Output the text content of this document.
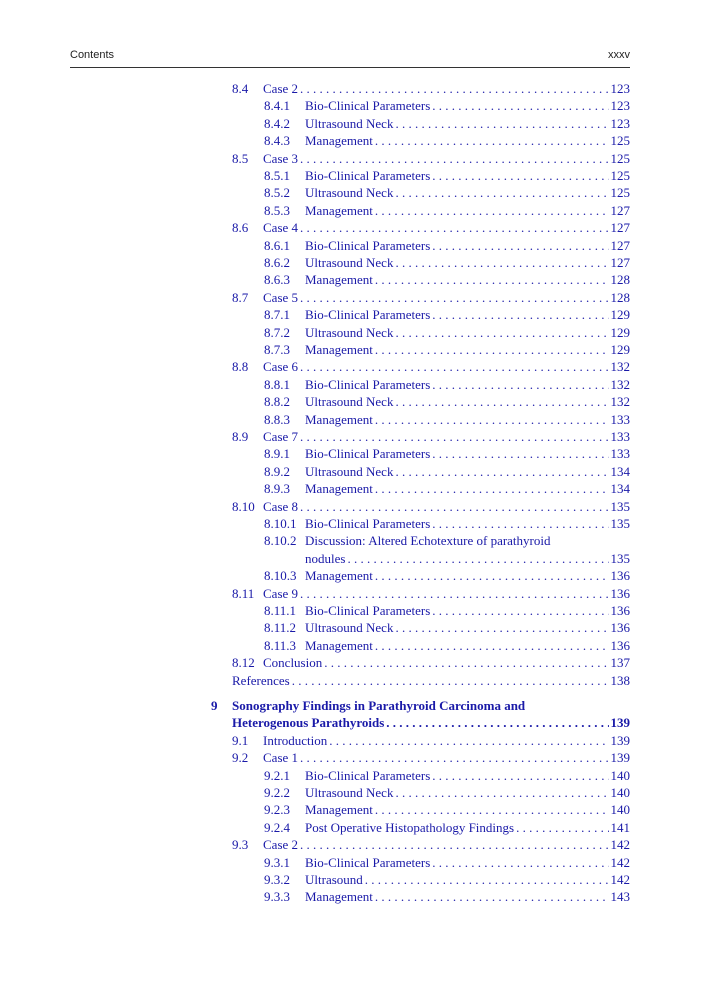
Contents	xxxv
8.4 Case 2 . . .	123
8.4.1 Bio-Clinical Parameters . . .	123
8.4.2 Ultrasound Neck . . .	123
8.4.3 Management . . .	125
8.5 Case 3 . . .	125
8.5.1 Bio-Clinical Parameters . . .	125
8.5.2 Ultrasound Neck . . .	125
8.5.3 Management . . .	127
8.6 Case 4 . . .	127
8.6.1 Bio-Clinical Parameters . . .	127
8.6.2 Ultrasound Neck . . .	127
8.6.3 Management . . .	128
8.7 Case 5 . . .	128
8.7.1 Bio-Clinical Parameters . . .	129
8.7.2 Ultrasound Neck . . .	129
8.7.3 Management . . .	129
8.8 Case 6 . . .	132
8.8.1 Bio-Clinical Parameters . . .	132
8.8.2 Ultrasound Neck . . .	132
8.8.3 Management . . .	133
8.9 Case 7 . . .	133
8.9.1 Bio-Clinical Parameters . . .	133
8.9.2 Ultrasound Neck . . .	134
8.9.3 Management . . .	134
8.10 Case 8 . . .	135
8.10.1 Bio-Clinical Parameters . . .	135
8.10.2 Discussion: Altered Echotexture of parathyroid
nodules . . .	135
8.10.3 Management . . .	136
8.11 Case 9 . . .	136
8.11.1 Bio-Clinical Parameters . . .	136
8.11.2 Ultrasound Neck . . .	136
8.11.3 Management . . .	136
8.12 Conclusion . . .	137
References . . .	138
9 Sonography Findings in Parathyroid Carcinoma and
Heterogenous Parathyroids . . .	139
9.1 Introduction . . .	139
9.2 Case 1 . . .	139
9.2.1 Bio-Clinical Parameters . . .	140
9.2.2 Ultrasound Neck . . .	140
9.2.3 Management . . .	140
9.2.4 Post Operative Histopathology Findings . . .	141
9.3 Case 2 . . .	142
9.3.1 Bio-Clinical Parameters . . .	142
9.3.2 Ultrasound . . .	142
9.3.3 Management . . .	143
